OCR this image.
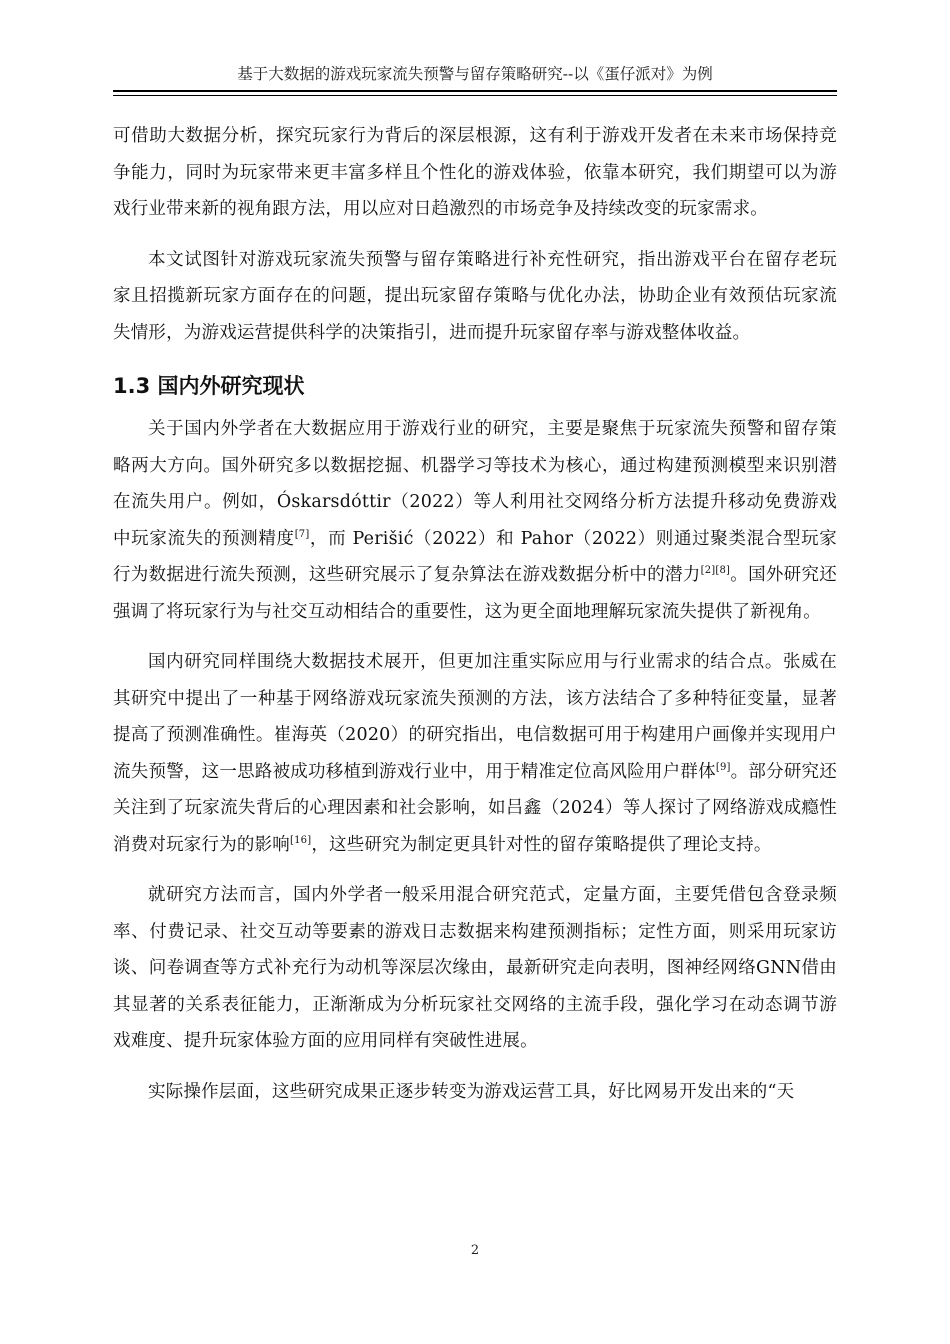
基于大数据的游戏玩家流失预警与留存策略研究--以《蛋仔派对》为例

可借助大数据分析，探究玩家行为背后的深层根源，这有利于游戏开发者在未来市场保持竞争能力，同时为玩家带来更丰富多样且个性化的游戏体验，依靠本研究，我们期望可以为游戏行业带来新的视角跟方法，用以应对日趋激烈的市场竞争及持续改变的玩家需求。

本文试图针对游戏玩家流失预警与留存策略进行补充性研究，指出游戏平台在留存老玩家且招揽新玩家方面存在的问题，提出玩家留存策略与优化办法，协助企业有效预估玩家流失情形，为游戏运营提供科学的决策指引，进而提升玩家留存率与游戏整体收益。

1.3 国内外研究现状

关于国内外学者在大数据应用于游戏行业的研究，主要是聚焦于玩家流失预警和留存策略两大方向。国外研究多以数据挖掘、机器学习等技术为核心，通过构建预测模型来识别潜在流失用户。例如，Óskarsdóttir（2022）等人利用社交网络分析方法提升移动免费游戏中玩家流失的预测精度[7]，而 Perišić（2022）和 Pahor（2022）则通过聚类混合型玩家行为数据进行流失预测，这些研究展示了复杂算法在游戏数据分析中的潜力[2][8]。国外研究还强调了将玩家行为与社交互动相结合的重要性，这为更全面地理解玩家流失提供了新视角。

国内研究同样围绕大数据技术展开，但更加注重实际应用与行业需求的结合点。张威在其研究中提出了一种基于网络游戏玩家流失预测的方法，该方法结合了多种特征变量，显著提高了预测准确性。崔海英（2020）的研究指出，电信数据可用于构建用户画像并实现用户流失预警，这一思路被成功移植到游戏行业中，用于精准定位高风险用户群体[9]。部分研究还关注到了玩家流失背后的心理因素和社会影响，如吕鑫（2024）等人探讨了网络游戏成瘾性消费对玩家行为的影响[16]，这些研究为制定更具针对性的留存策略提供了理论支持。

就研究方法而言，国内外学者一般采用混合研究范式，定量方面，主要凭借包含登录频率、付费记录、社交互动等要素的游戏日志数据来构建预测指标；定性方面，则采用玩家访谈、问卷调查等方式补充行为动机等深层次缘由，最新研究走向表明，图神经网络GNN借由其显著的关系表征能力，正渐渐成为分析玩家社交网络的主流手段，强化学习在动态调节游戏难度、提升玩家体验方面的应用同样有突破性进展。

实际操作层面，这些研究成果正逐步转变为游戏运营工具，好比网易开发出来的“天

2
